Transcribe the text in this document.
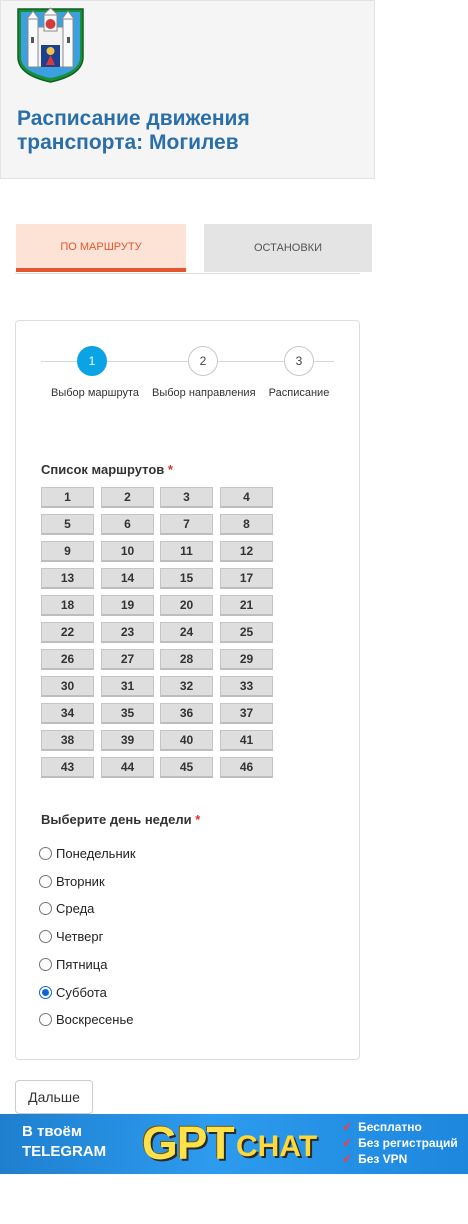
Расписание движения транспорта: Могилев
ПО МАРШРУТУ	ОСТАНОВКИ
1
Выбор маршрута
2
Выбор направления
3
Расписание
Список маршрутов *
1	2	3	4
5	6	7	8
9	10	11	12
13	14	15	17
18	19	20	21
22	23	24	25
26	27	28	29
30	31	32	33
34	35	36	37
38	39	40	41
43	44	45	46
Выберите день недели *
Понедельник
Вторник
Среда
Четверг
Пятница
Суббота
Воскресенье
Дальше
В твоём
TELEGRAM GPT CHAT
✔ Бесплатно
✔ Без регистраций
✔ Без VPN
